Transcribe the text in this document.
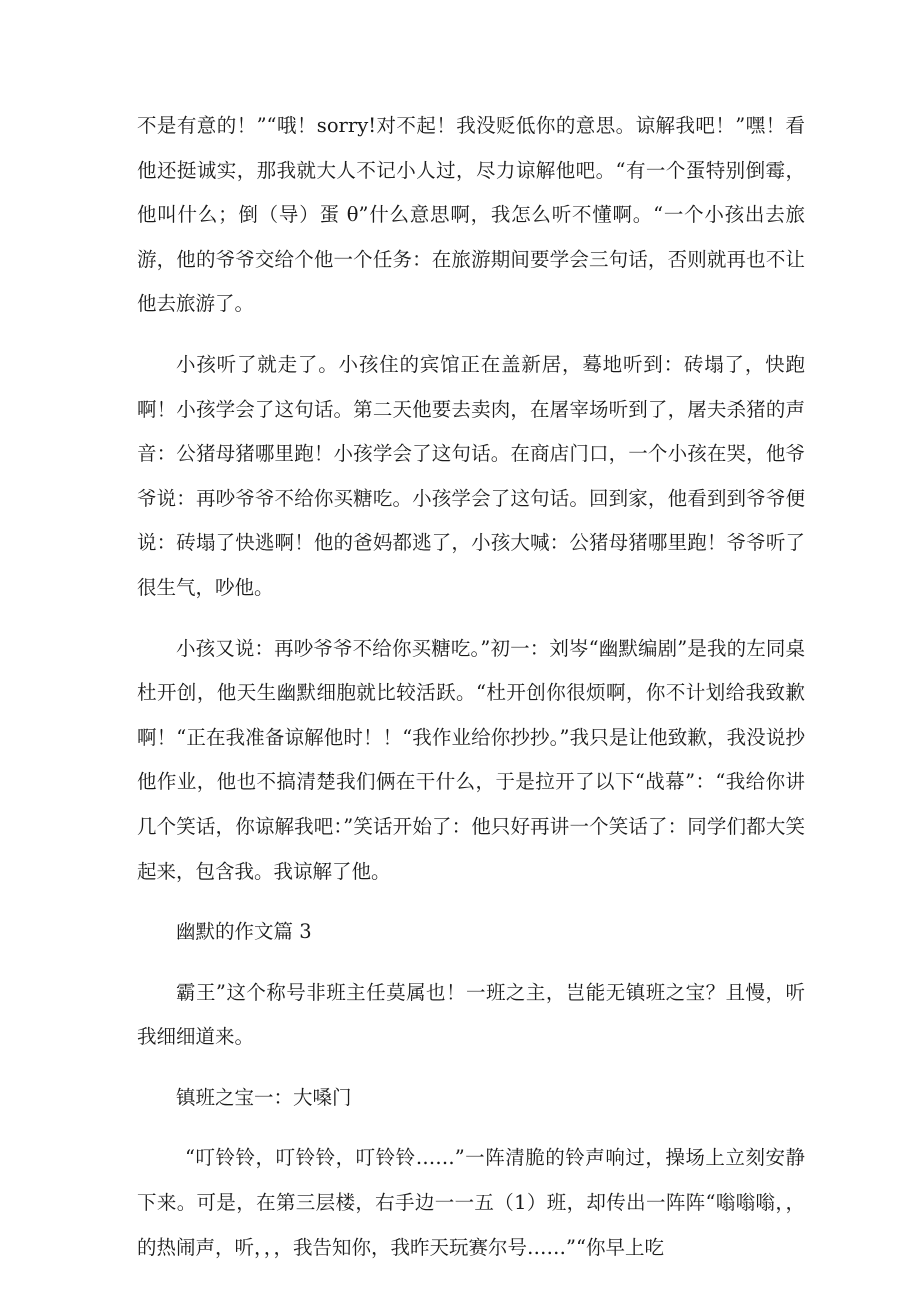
不是有意的！”“哦！sorry!对不起！我没贬低你的意思。谅解我吧！”嘿！看他还挺诚实，那我就大人不记小人过，尽力谅解他吧。“有一个蛋特别倒霉，他叫什么；倒（导）蛋 θ”什么意思啊，我怎么听不懂啊。“一个小孩出去旅游，他的爷爷交给个他一个任务：在旅游期间要学会三句话，否则就再也不让他去旅游了。

小孩听了就走了。小孩住的宾馆正在盖新居，蓦地听到：砖塌了，快跑啊！小孩学会了这句话。第二天他要去卖肉，在屠宰场听到了，屠夫杀猪的声音：公猪母猪哪里跑！小孩学会了这句话。在商店门口，一个小孩在哭，他爷爷说：再吵爷爷不给你买糖吃。小孩学会了这句话。回到家，他看到到爷爷便说：砖塌了快逃啊！他的爸妈都逃了，小孩大喊：公猪母猪哪里跑！爷爷听了很生气，吵他。

小孩又说：再吵爷爷不给你买糖吃。”初一：刘岑“幽默编剧”是我的左同桌杜开创，他天生幽默细胞就比较活跃。“杜开创你很烦啊，你不计划给我致歉啊！“正在我准备谅解他时！！“我作业给你抄抄。”我只是让他致歉，我没说抄他作业，他也不搞清楚我们俩在干什么，于是拉开了以下“战幕”：“我给你讲几个笑话，你谅解我吧：”笑话开始了：他只好再讲一个笑话了：同学们都大笑起来，包含我。我谅解了他。

幽默的作文篇 3

霸王”这个称号非班主任莫属也！一班之主，岂能无镇班之宝？且慢，听我细细道来。

镇班之宝一：大嗓门

“叮铃铃，叮铃铃，叮铃铃……”一阵清脆的铃声响过，操场上立刻安静下来。可是，在第三层楼，右手边一一五（1）班，却传出一阵阵“嗡嗡嗡，，的热闹声，听，，，我告知你，我昨天玩赛尔号……”“你早上吃
